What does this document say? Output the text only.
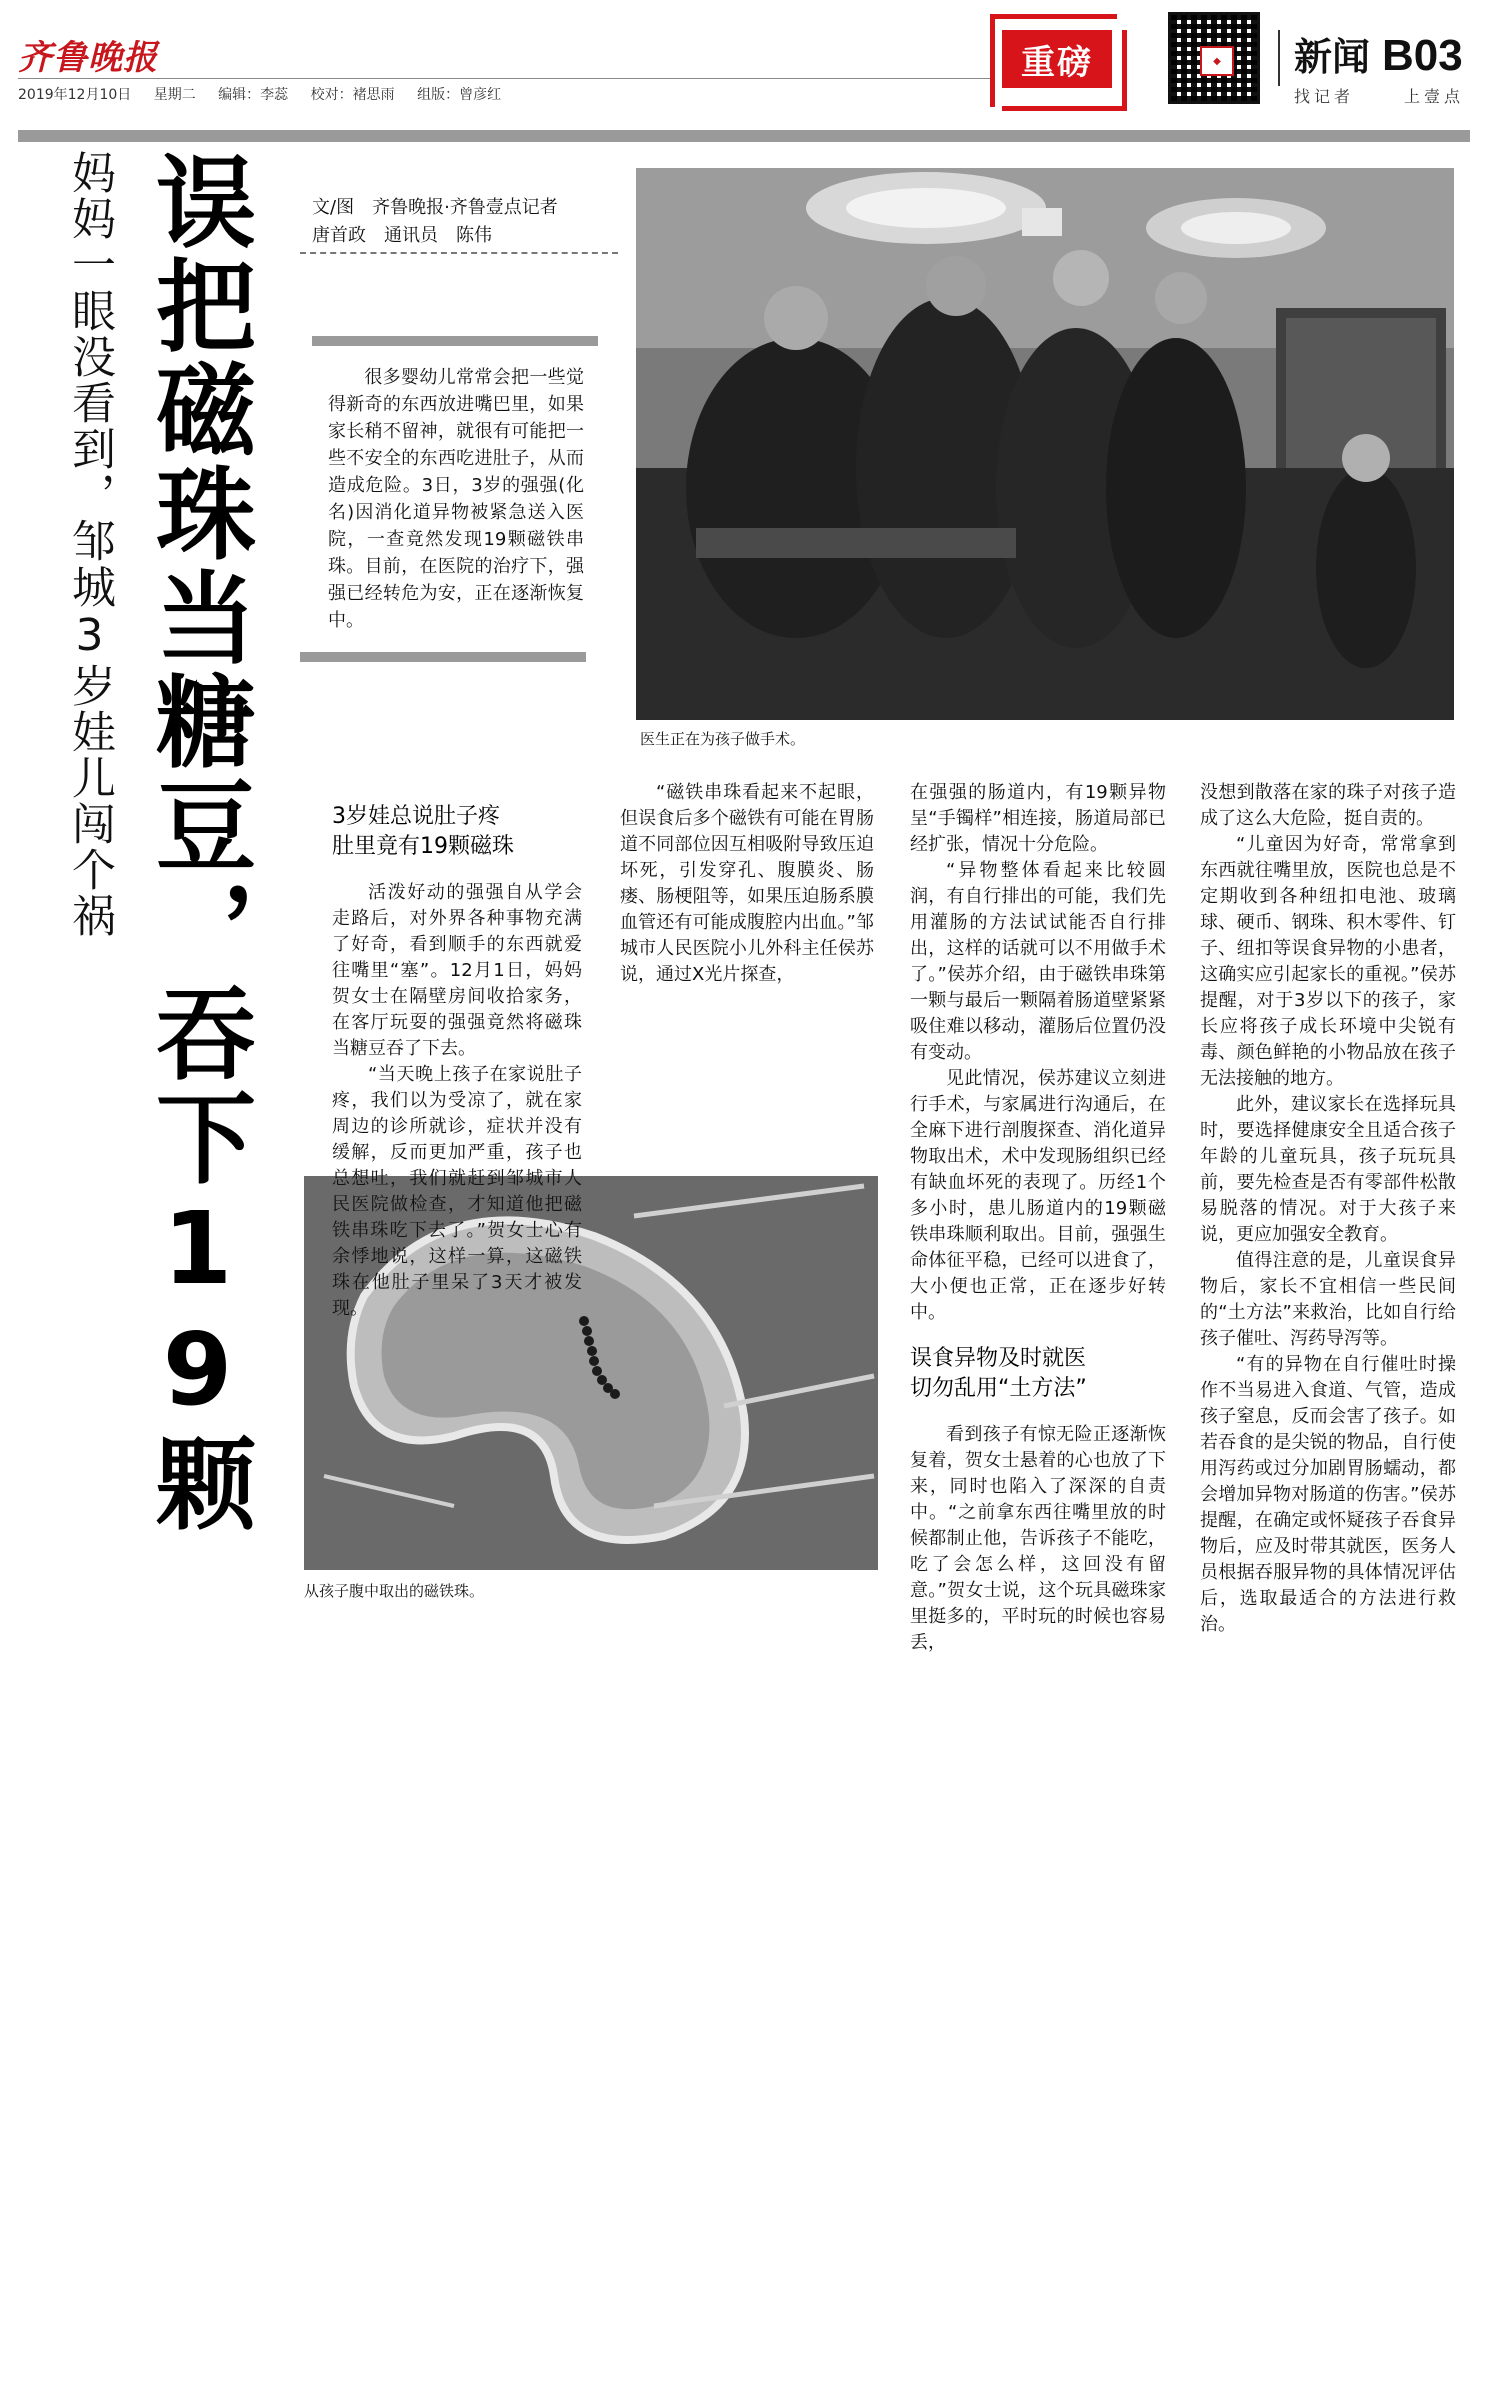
齐鲁晚报
2019年12月10日 星期二 编辑：李蕊 校对：褚思雨 组版：曾彦红
重磅	◆	新闻 B03
找记者	上壹点
妈妈一眼没看到，邹城3岁娃儿闯个祸 误把磁珠当糖豆，吞下19颗	文/图　齐鲁晚报·齐鲁壹点记者
唐首政　通讯员　陈伟
很多婴幼儿常常会把一些觉得新奇的东西放进嘴巴里，如果家长稍不留神，就很有可能把一些不安全的东西吃进肚子，从而造成危险。3日，3岁的强强(化名)因消化道异物被紧急送入医院，一查竟然发现19颗磁铁串珠。目前，在医院的治疗下，强强已经转危为安，正在逐渐恢复中。
医生正在为孩子做手术。
从孩子腹中取出的磁铁珠。
3岁娃总说肚子疼
肚里竟有19颗磁珠

活泼好动的强强自从学会走路后，对外界各种事物充满了好奇，看到顺手的东西就爱往嘴里“塞”。12月1日，妈妈贺女士在隔壁房间收拾家务，在客厅玩耍的强强竟然将磁珠当糖豆吞了下去。

“当天晚上孩子在家说肚子疼，我们以为受凉了，就在家周边的诊所就诊，症状并没有缓解，反而更加严重，孩子也总想吐，我们就赶到邹城市人民医院做检查，才知道他把磁铁串珠吃下去了。”贺女士心有余悸地说，这样一算，这磁铁珠在他肚子里呆了3天才被发现。

“磁铁串珠看起来不起眼，但误食后多个磁铁有可能在胃肠道不同部位因互相吸附导致压迫坏死，引发穿孔、腹膜炎、肠瘘、肠梗阻等，如果压迫肠系膜血管还有可能成腹腔内出血。”邹城市人民医院小儿外科主任侯苏说，通过X光片探查，

在强强的肠道内，有19颗异物呈“手镯样”相连接，肠道局部已经扩张，情况十分危险。

“异物整体看起来比较圆润，有自行排出的可能，我们先用灌肠的方法试试能否自行排出，这样的话就可以不用做手术了。”侯苏介绍，由于磁铁串珠第一颗与最后一颗隔着肠道壁紧紧吸住难以移动，灌肠后位置仍没有变动。

见此情况，侯苏建议立刻进行手术，与家属进行沟通后，在全麻下进行剖腹探查、消化道异物取出术，术中发现肠组织已经有缺血坏死的表现了。历经1个多小时，患儿肠道内的19颗磁铁串珠顺利取出。目前，强强生命体征平稳，已经可以进食了，大小便也正常，正在逐步好转中。

误食异物及时就医
切勿乱用“土方法”

看到孩子有惊无险正逐渐恢复着，贺女士悬着的心也放了下来，同时也陷入了深深的自责中。“之前拿东西往嘴里放的时候都制止他，告诉孩子不能吃，吃了会怎么样，这回没有留意。”贺女士说，这个玩具磁珠家里挺多的，平时玩的时候也容易丢，

没想到散落在家的珠子对孩子造成了这么大危险，挺自责的。

“儿童因为好奇，常常拿到东西就往嘴里放，医院也总是不定期收到各种纽扣电池、玻璃球、硬币、钢珠、积木零件、钉子、纽扣等误食异物的小患者，这确实应引起家长的重视。”侯苏提醒，对于3岁以下的孩子，家长应将孩子成长环境中尖锐有毒、颜色鲜艳的小物品放在孩子无法接触的地方。

此外，建议家长在选择玩具时，要选择健康安全且适合孩子年龄的儿童玩具，孩子玩玩具前，要先检查是否有零部件松散易脱落的情况。对于大孩子来说，更应加强安全教育。

值得注意的是，儿童误食异物后，家长不宜相信一些民间的“土方法”来救治，比如自行给孩子催吐、泻药导泻等。

“有的异物在自行催吐时操作不当易进入食道、气管，造成孩子窒息，反而会害了孩子。如若吞食的是尖锐的物品，自行使用泻药或过分加剧胃肠蠕动，都会增加异物对肠道的伤害。”侯苏提醒，在确定或怀疑孩子吞食异物后，应及时带其就医，医务人员根据吞服异物的具体情况评估后，选取最适合的方法进行救治。
